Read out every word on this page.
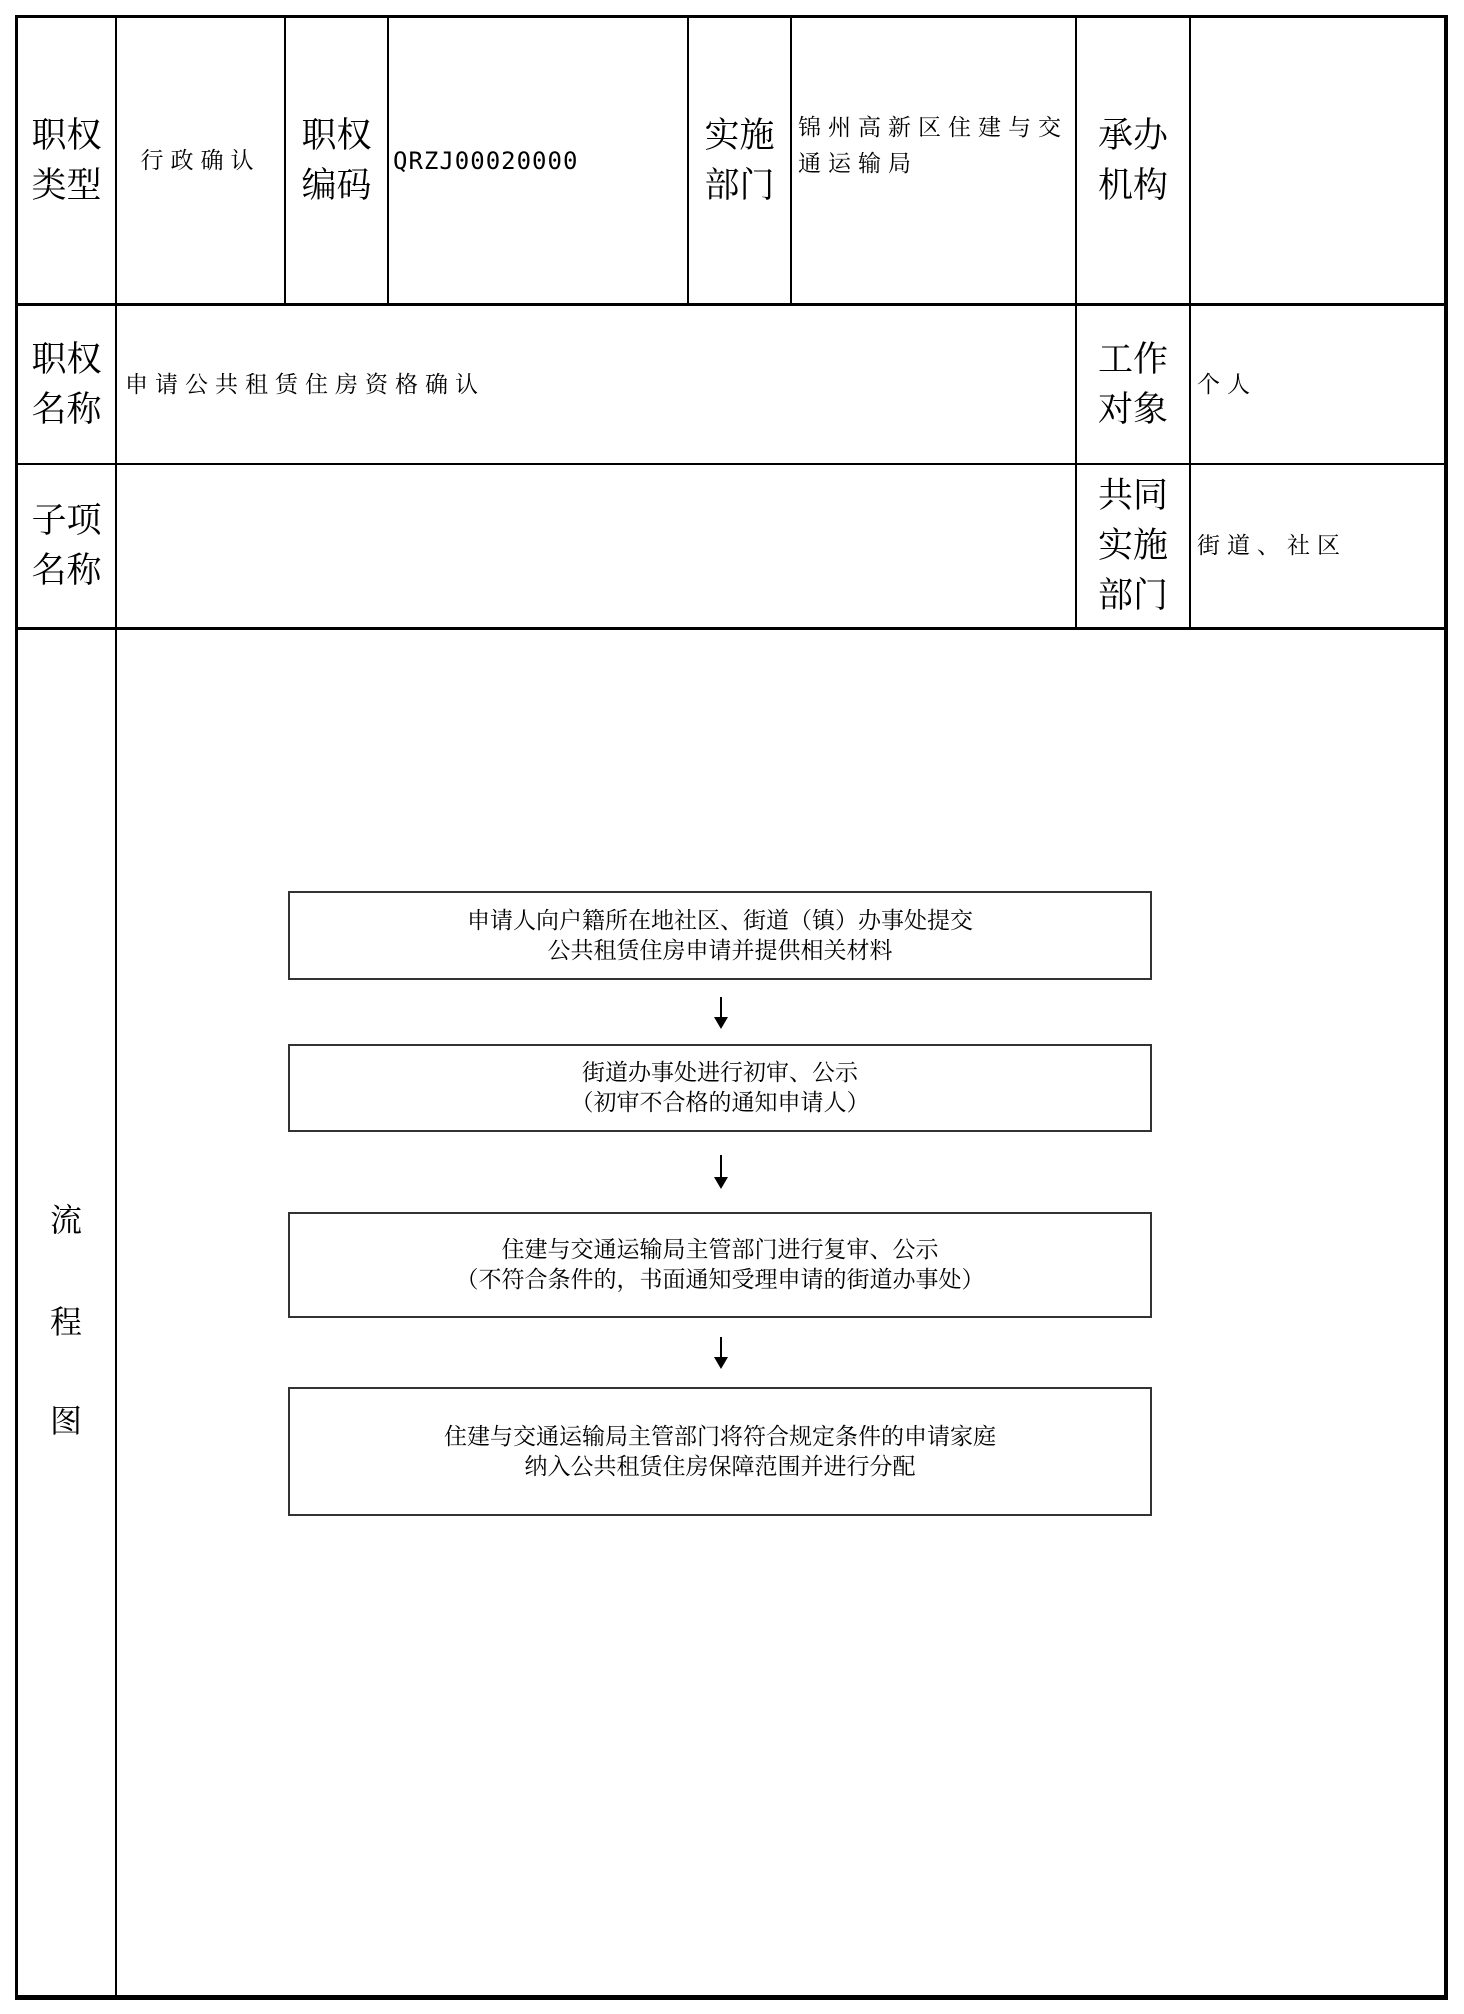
职权类型
行政确认
职权编码
QRZJ00020000
实施部门
锦州高新区住建与交通运输局
承办机构
职权名称
申请公共租赁住房资格确认
工作对象
个人
子项名称
共同实施部门
街道、社区
流
程
图
申请人向户籍所在地社区、街道（镇）办事处提交
公共租赁住房申请并提供相关材料
街道办事处进行初审、公示
（初审不合格的通知申请人）
住建与交通运输局主管部门进行复审、公示
（不符合条件的，书面通知受理申请的街道办事处）
住建与交通运输局主管部门将符合规定条件的申请家庭
纳入公共租赁住房保障范围并进行分配
